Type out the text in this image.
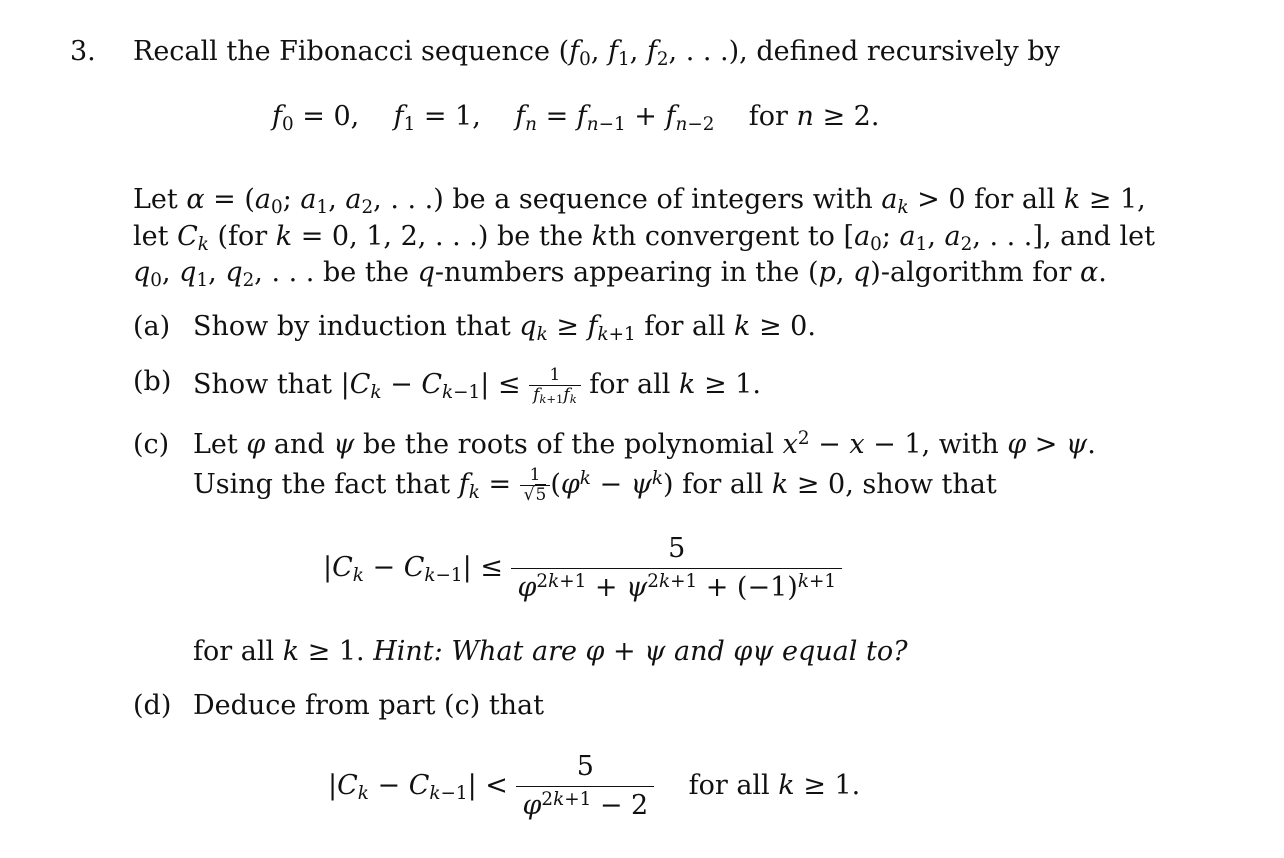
3. Recall the Fibonacci sequence ($f_0$, $f_1$, $f_2$, . . .), defined recursively by
$f_0 = 0$,    $f_1 = 1$,    $f_n = f_{n-1} + f_{n-2}$ for n ≥ 2.
Let $\alpha = (a_0$; $a_1$, $a_2$, . . .) be a sequence of integers with $a_k > 0$ for all k ≥ 1,
let $C_k$ (for k = 0, 1, 2, . . .) be the kth convergent to [$a_0$; $a_1$, $a_2$, . . .], and let
$q_0$, $q_1$, $q_2$, . . . be the q-numbers appearing in the (p, q)-algorithm for α.
(a) Show by induction that $q_k \ge f_{k+1}$ for all k ≥ 0.
(b) Show that $|C_k - C_{k-1}| \le \frac{1}{f_{k+1}f_k}$ for all k ≥ 1.
(c) Let φ and ψ be the roots of the polynomial $x^2 - x - 1$, with φ > ψ.
Using the fact that $f_k = \frac{1}{√5} (\varphi^k - \psi^k)$ for all k ≥ 0, show that
$|C_k - C_{k-1}| \le \frac{5}{\varphi^{2k+1} + \psi^{2k+1} + (-1)^{k+1}}$
for all k ≥ 1. Hint: What are φ + ψ and φψ equal to?
(d) Deduce from part (c) that
$|C_k - C_{k-1}| < \frac{5}{\varphi^{2k+1} - 2}$ for all k ≥ 1.
